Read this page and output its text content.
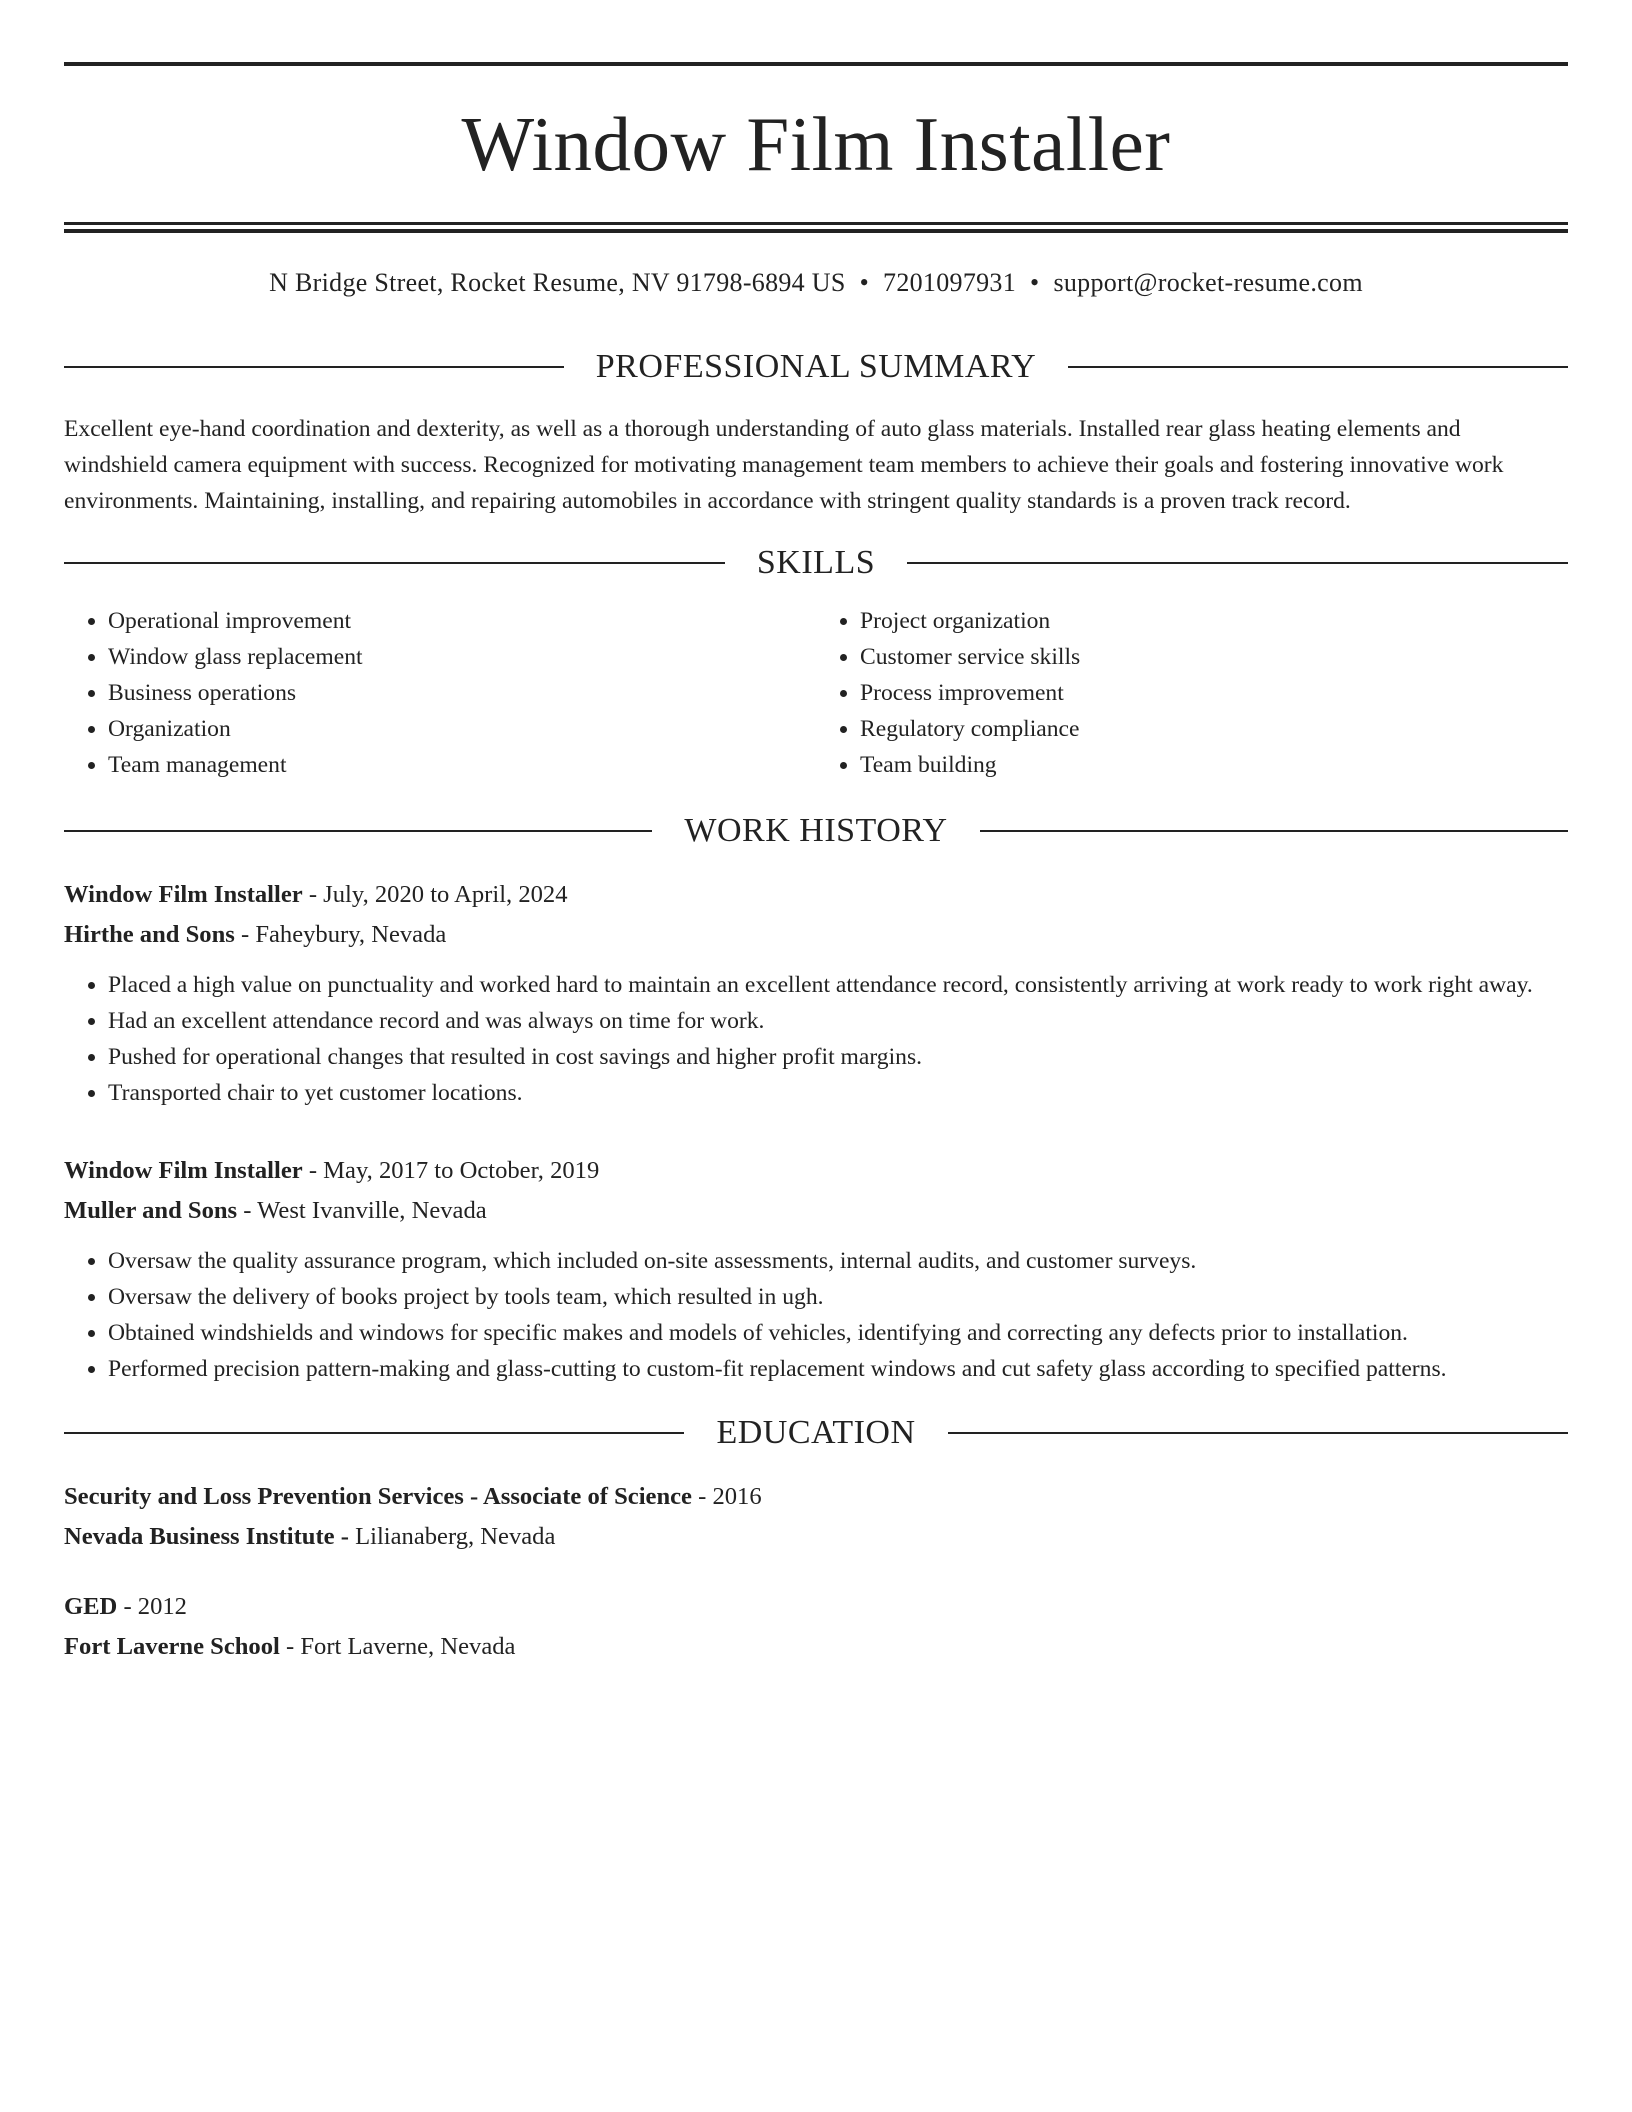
Window Film Installer
N Bridge Street, Rocket Resume, NV 91798-6894 US • 7201097931 • support@rocket-resume.com
PROFESSIONAL SUMMARY
Excellent eye-hand coordination and dexterity, as well as a thorough understanding of auto glass materials. Installed rear glass heating elements and windshield camera equipment with success. Recognized for motivating management team members to achieve their goals and fostering innovative work environments. Maintaining, installing, and repairing automobiles in accordance with stringent quality standards is a proven track record.
SKILLS
• Operational improvement
• Window glass replacement
• Business operations
• Organization
• Team management
• Project organization
• Customer service skills
• Process improvement
• Regulatory compliance
• Team building
WORK HISTORY
Window Film Installer - July, 2020 to April, 2024
Hirthe and Sons - Faheybury, Nevada
• Placed a high value on punctuality and worked hard to maintain an excellent attendance record, consistently arriving at work ready to work right away.
• Had an excellent attendance record and was always on time for work.
• Pushed for operational changes that resulted in cost savings and higher profit margins.
• Transported chair to yet customer locations.
Window Film Installer - May, 2017 to October, 2019
Muller and Sons - West Ivanville, Nevada
• Oversaw the quality assurance program, which included on-site assessments, internal audits, and customer surveys.
• Oversaw the delivery of books project by tools team, which resulted in ugh.
• Obtained windshields and windows for specific makes and models of vehicles, identifying and correcting any defects prior to installation.
• Performed precision pattern-making and glass-cutting to custom-fit replacement windows and cut safety glass according to specified patterns.
EDUCATION
Security and Loss Prevention Services - Associate of Science - 2016
Nevada Business Institute - Lilianaberg, Nevada
GED - 2012
Fort Laverne School - Fort Laverne, Nevada
